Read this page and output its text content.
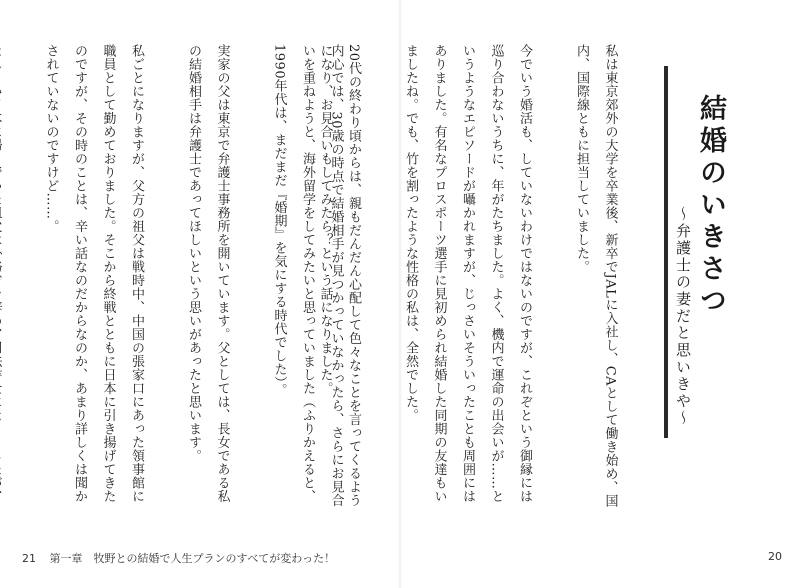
内心では、30歳の時点で結婚相手が見つかっていなかったら、さらにお見合いを重ねようと、海外留学をしてみたいと思っていました（ふりかえると、1990年代は、まだまだ『婚期』を気にする時代でした）。

実家の父は東京で弁護士事務所を開いています。父としては、長女である私の結婚相手は弁護士であってほしいという思いがあったと思います。

私ごとになりますが、父方の祖父は戦時中、中国の張家口にあった領事館に職員として勤めておりました。そこから終戦とともに日本に引き揚げてきたのですが、その時のことは、辛い話なのだからなのか、あまり詳しくは聞かされていないのですけど……。

21 第一章　牧野との結婚で人生プランのすべてが変わった！

私は東京郊外の大学を卒業後、新卒でJALに入社し、CAとして働き始め、国内、国際線ともに担当していました。

今でいう婚活も、していないわけではないのですが、これぞという御縁には巡り合わないうちに、年がたちました。よく、機内で運命の出会いが……というようなエピソードが囁かれますが、じっさいそういったことも周囲にはありました。有名なプロスポーツ選手に見初められ結婚した同期の友達もいましたね。でも、竹を割ったような性格の私は、全然でした。

20代の終わり頃からは、親もだんだん心配して色々なことを言ってくるようになり、お見合いもしてみたら？という話になりました。	結婚のいきさつ
～弁護士の妻だと思いきや～
20
